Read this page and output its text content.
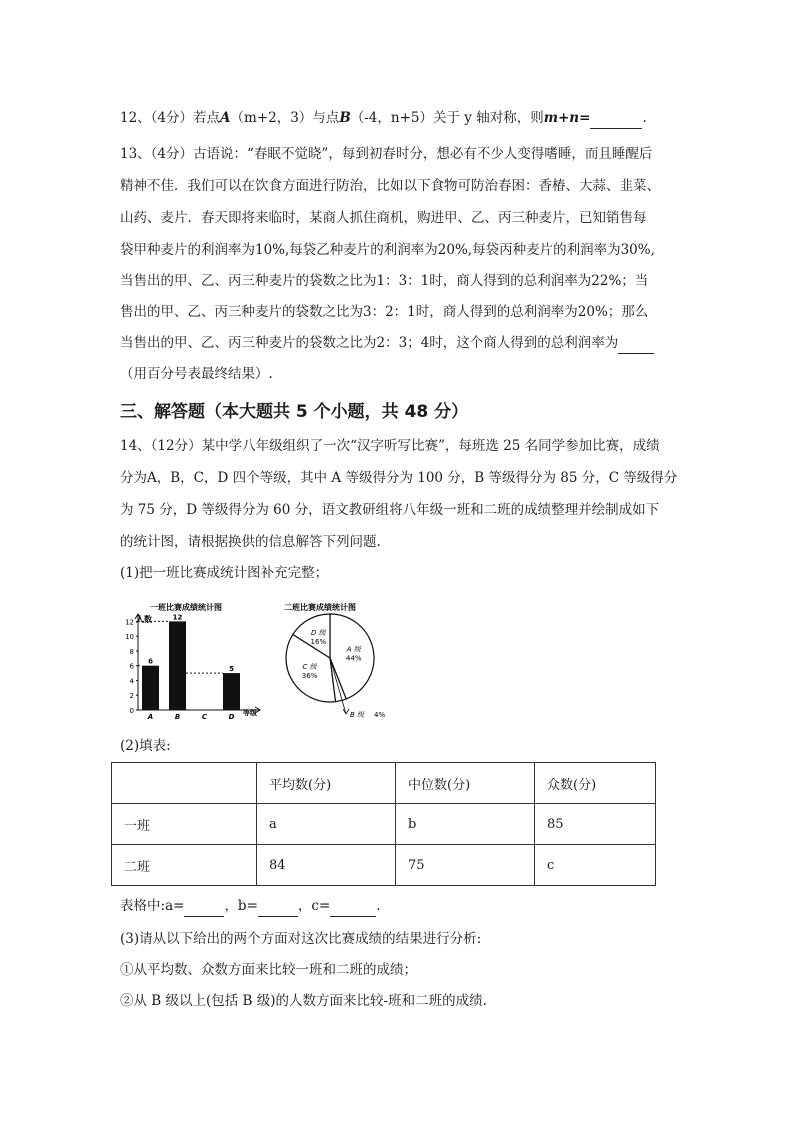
12、（4分）若点A（m+2，3）与点B（-4，n+5）关于 y 轴对称，则m+n=	.
13、（4分）古语说：“春眠不觉晓”，每到初春时分，想必有不少人变得嗜睡，而且睡醒后
精神不佳．我们可以在饮食方面进行防治，比如以下食物可防治春困：香椿、大蒜、韭菜、
山药、麦片．春天即将来临时，某商人抓住商机，购进甲、乙、丙三种麦片，已知销售每
袋甲种麦片的利润率为10%,每袋乙种麦片的利润率为20%,每袋丙种麦片的利润率为30%,
当售出的甲、乙、丙三种麦片的袋数之比为1：3：1时，商人得到的总利润率为22%；当
售出的甲、乙、丙三种麦片的袋数之比为3：2：1时，商人得到的总利润率为20%；那么
当售出的甲、乙、丙三种麦片的袋数之比为2：3；4时，这个商人得到的总利润率为
（用百分号表最终结果）.
三、解答题（本大题共 5 个小题，共 48 分）
14、（12分）某中学八年级组织了一次“汉字听写比赛”，每班选 25 名同学参加比赛，成绩
分为A，B，C，D 四个等级，其中 A 等级得分为 100 分，B 等级得分为 85 分，C 等级得分
为 75 分，D 等级得分为 60 分，语文教研组将八年级一班和二班的成绩整理并绘制成如下
的统计图，请根据换供的信息解答下列问题.
(1)把一班比赛成统计图补充完整；
一班比赛成绩统计图
人数
等级
6
12
5
0
2
4
6
8
10
12
A	B	C	D
二班比赛成绩统计图
A 级
44%
C 级
36%
D 级
16%
B 级 4%
(2)填表:
	平均数(分)	中位数(分)	众数(分)
一班	a	b	85
二班	84	75	c
表格中:a=	，b=	，c=	.
(3)请从以下给出的两个方面对这次比赛成绩的结果进行分析:
①从平均数、众数方面来比较一班和二班的成绩；
②从 B 级以上(包括 B 级)的人数方面来比较-班和二班的成绩.
